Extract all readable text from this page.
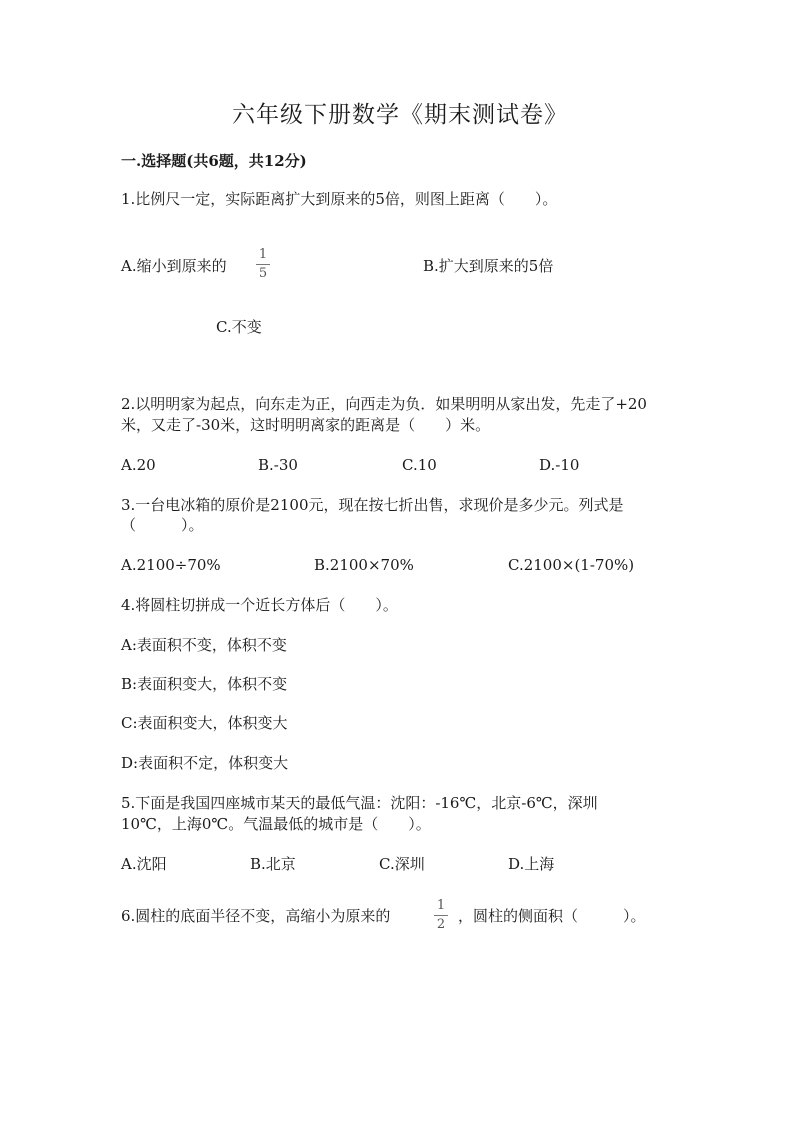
六年级下册数学《期末测试卷》
一.选择题(共6题，共12分)
1.比例尺一定，实际距离扩大到原来的5倍，则图上距离（　　）。
A.缩小到原来的
1
5	B.扩大到原来的5倍
C.不变
2.以明明家为起点，向东走为正，向西走为负．如果明明从家出发，先走了+20
米，又走了-30米，这时明明离家的距离是（　　）米。
A.20	B.-30	C.10	D.-10
3.一台电冰箱的原价是2100元，现在按七折出售，求现价是多少元。列式是
（　　　）。
A.2100÷70%	B.2100×70%	C.2100×(1-70%)
4.将圆柱切拼成一个近长方体后（　　）。
A:表面积不变，体积不变
B:表面积变大，体积不变
C:表面积变大，体积变大
D:表面积不定，体积变大
5.下面是我国四座城市某天的最低气温：沈阳：-16℃，北京-6℃，深圳
10℃，上海0℃。气温最低的城市是（　　）。
A.沈阳	B.北京	C.深圳	D.上海
6.圆柱的底面半径不变，高缩小为原来的
1
2 ，圆柱的侧面积（　　　）。
